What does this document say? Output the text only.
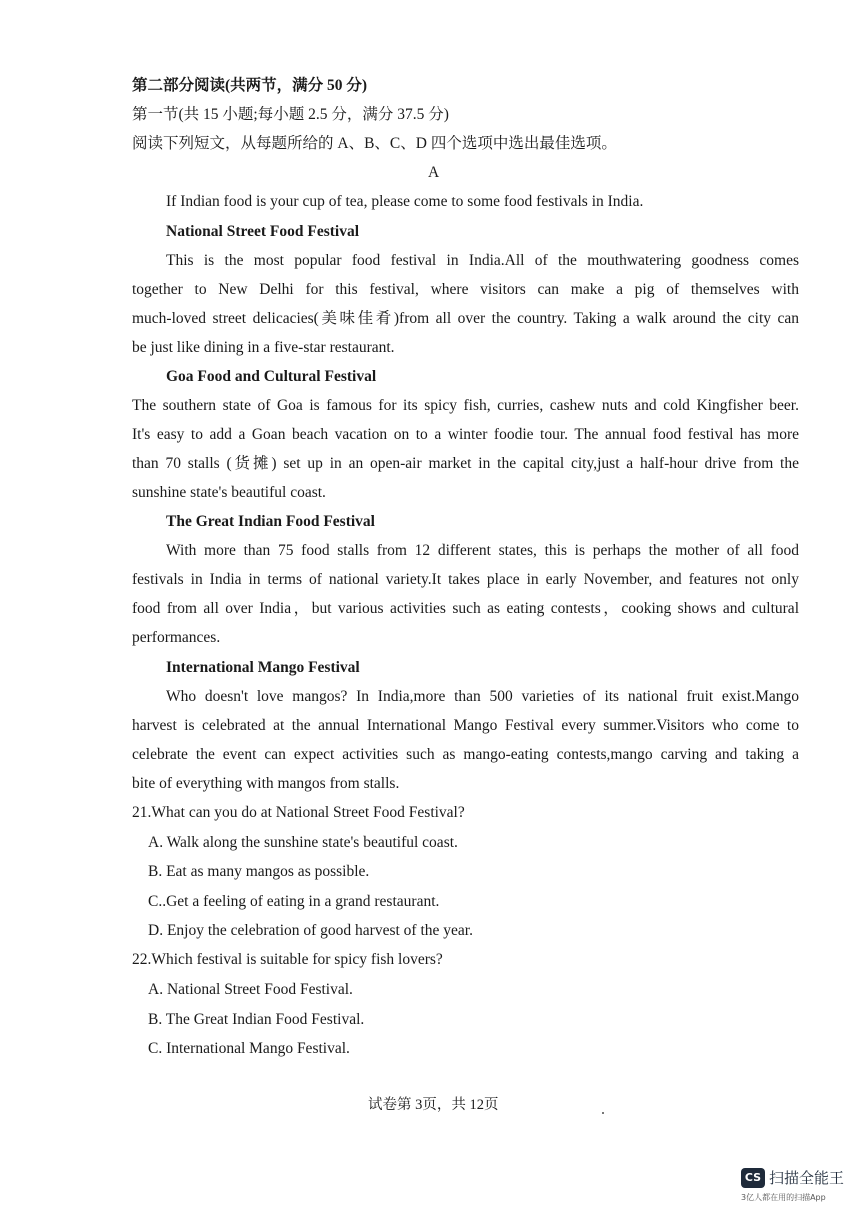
第二部分阅读(共两节，满分 50 分)
第一节(共 15 小题;每小题 2.5 分，满分 37.5 分)
阅读下列短文，从每题所给的 A、B、C、D 四个选项中选出最佳选项。
A
If Indian food is your cup of tea, please come to some food festivals in India.
National Street Food Festival
This is the most popular food festival in India.All of the mouthwatering goodness comes
together to New Delhi for this festival, where visitors can make a pig of themselves with
much-loved street delicacies(美味佳肴)from all over the country. Taking a walk around the city can
be just like dining in a five-star restaurant.
Goa Food and Cultural Festival
The southern state of Goa is famous for its spicy fish, curries, cashew nuts and cold Kingfisher beer.
It's easy to add a Goan beach vacation on to a winter foodie tour. The annual food festival has more
than 70 stalls (货摊) set up in an open-air market in the capital city,just a half-hour drive from the
sunshine state's beautiful coast.
The Great Indian Food Festival
With more than 75 food stalls from 12 different states, this is perhaps the mother of all food
festivals in India in terms of national variety.It takes place in early November, and features not only
food from all over India，but various activities such as eating contests，cooking shows and cultural
performances.
International Mango Festival
Who doesn't love mangos? In India,more than 500 varieties of its national fruit exist.Mango
harvest is celebrated at the annual International Mango Festival every summer.Visitors who come to
celebrate the event can expect activities such as mango-eating contests,mango carving and taking a
bite of everything with mangos from stalls.
21.What can you do at National Street Food Festival?
A. Walk along the sunshine state's beautiful coast.
B. Eat as many mangos as possible.
C..Get a feeling of eating in a grand restaurant.
D. Enjoy the celebration of good harvest of the year.
22.Which festival is suitable for spicy fish lovers?
A. National Street Food Festival.
B. The Great Indian Food Festival.
C. International Mango Festival.
试卷第 3页，共 12页
CS 扫描全能王
3亿人都在用的扫描App
